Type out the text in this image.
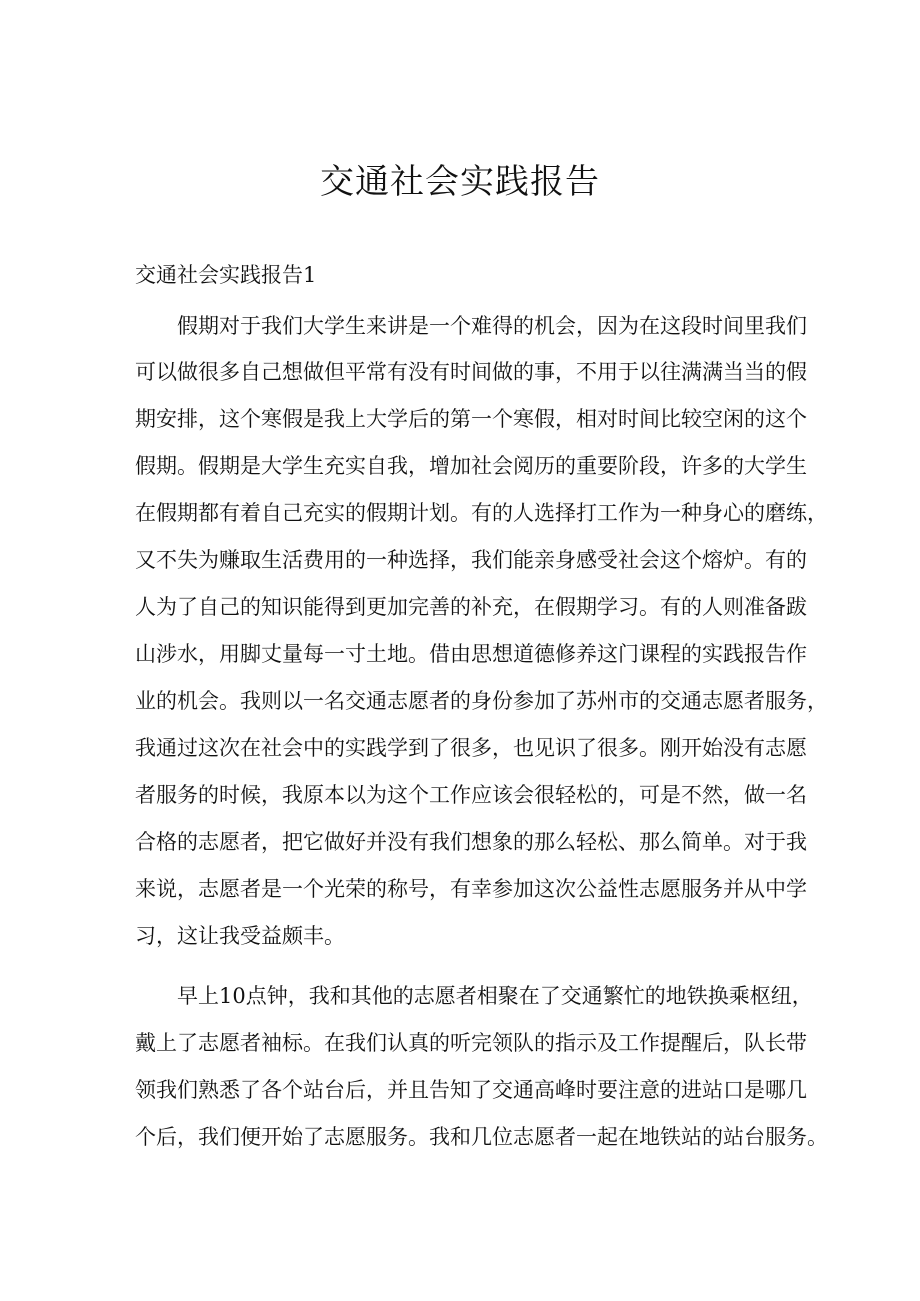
交通社会实践报告

交通社会实践报告1

假期对于我们大学生来讲是一个难得的机会，因为在这段时间里我们

可以做很多自己想做但平常有没有时间做的事，不用于以往满满当当的假

期安排，这个寒假是我上大学后的第一个寒假，相对时间比较空闲的这个

假期。假期是大学生充实自我，增加社会阅历的重要阶段，许多的大学生

在假期都有着自己充实的假期计划。有的人选择打工作为一种身心的磨练，

又不失为赚取生活费用的一种选择，我们能亲身感受社会这个熔炉。有的

人为了自己的知识能得到更加完善的补充，在假期学习。有的人则准备跋

山涉水，用脚丈量每一寸土地。借由思想道德修养这门课程的实践报告作

业的机会。我则以一名交通志愿者的身份参加了苏州市的交通志愿者服务，

我通过这次在社会中的实践学到了很多，也见识了很多。刚开始没有志愿

者服务的时候，我原本以为这个工作应该会很轻松的，可是不然，做一名

合格的志愿者，把它做好并没有我们想象的那么轻松、那么简单。对于我

来说，志愿者是一个光荣的称号，有幸参加这次公益性志愿服务并从中学

习，这让我受益颇丰。

早上10点钟，我和其他的志愿者相聚在了交通繁忙的地铁换乘枢纽，

戴上了志愿者袖标。在我们认真的听完领队的指示及工作提醒后，队长带

领我们熟悉了各个站台后，并且告知了交通高峰时要注意的进站口是哪几

个后，我们便开始了志愿服务。我和几位志愿者一起在地铁站的站台服务。
